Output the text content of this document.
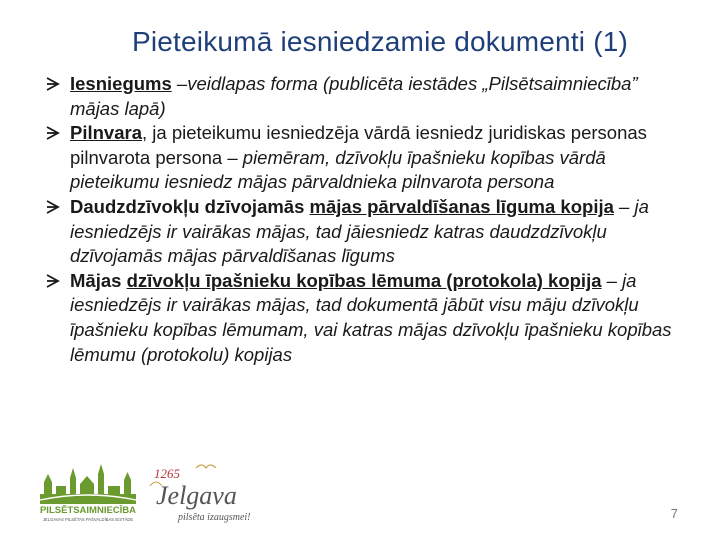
Pieteikumā iesniedzamie dokumenti (1)

Iesniegums –veidlapas forma (publicēta iestādes „Pilsētsaimniecība” mājas lapā)

Pilnvara, ja pieteikumu iesniedzēja vārdā iesniedz juridiskas personas pilnvarota persona – piemēram, dzīvokļu īpašnieku kopības vārdā pieteikumu iesniedz mājas pārvaldnieka pilnvarota persona

Daudzdzīvokļu dzīvojamās mājas pārvaldīšanas līguma kopija – ja iesniedzējs ir vairākas mājas, tad jāiesniedz katras daudzdzīvokļu dzīvojamās mājas pārvaldīšanas līgums

Mājas dzīvokļu īpašnieku kopības lēmuma (protokola) kopija – ja iesniedzējs ir vairākas mājas, tad dokumentā jābūt visu māju dzīvokļu īpašnieku kopības lēmumam, vai katras mājas dzīvokļu īpašnieku kopības lēmumu (protokolu) kopijas

PILSĒTSAIMNIECĪBA
JELGAVAS PILSĒTAS PAŠVALDĪBAS IESTĀDE
1265
Jelgava
pilsēta izaugsmei!	7
